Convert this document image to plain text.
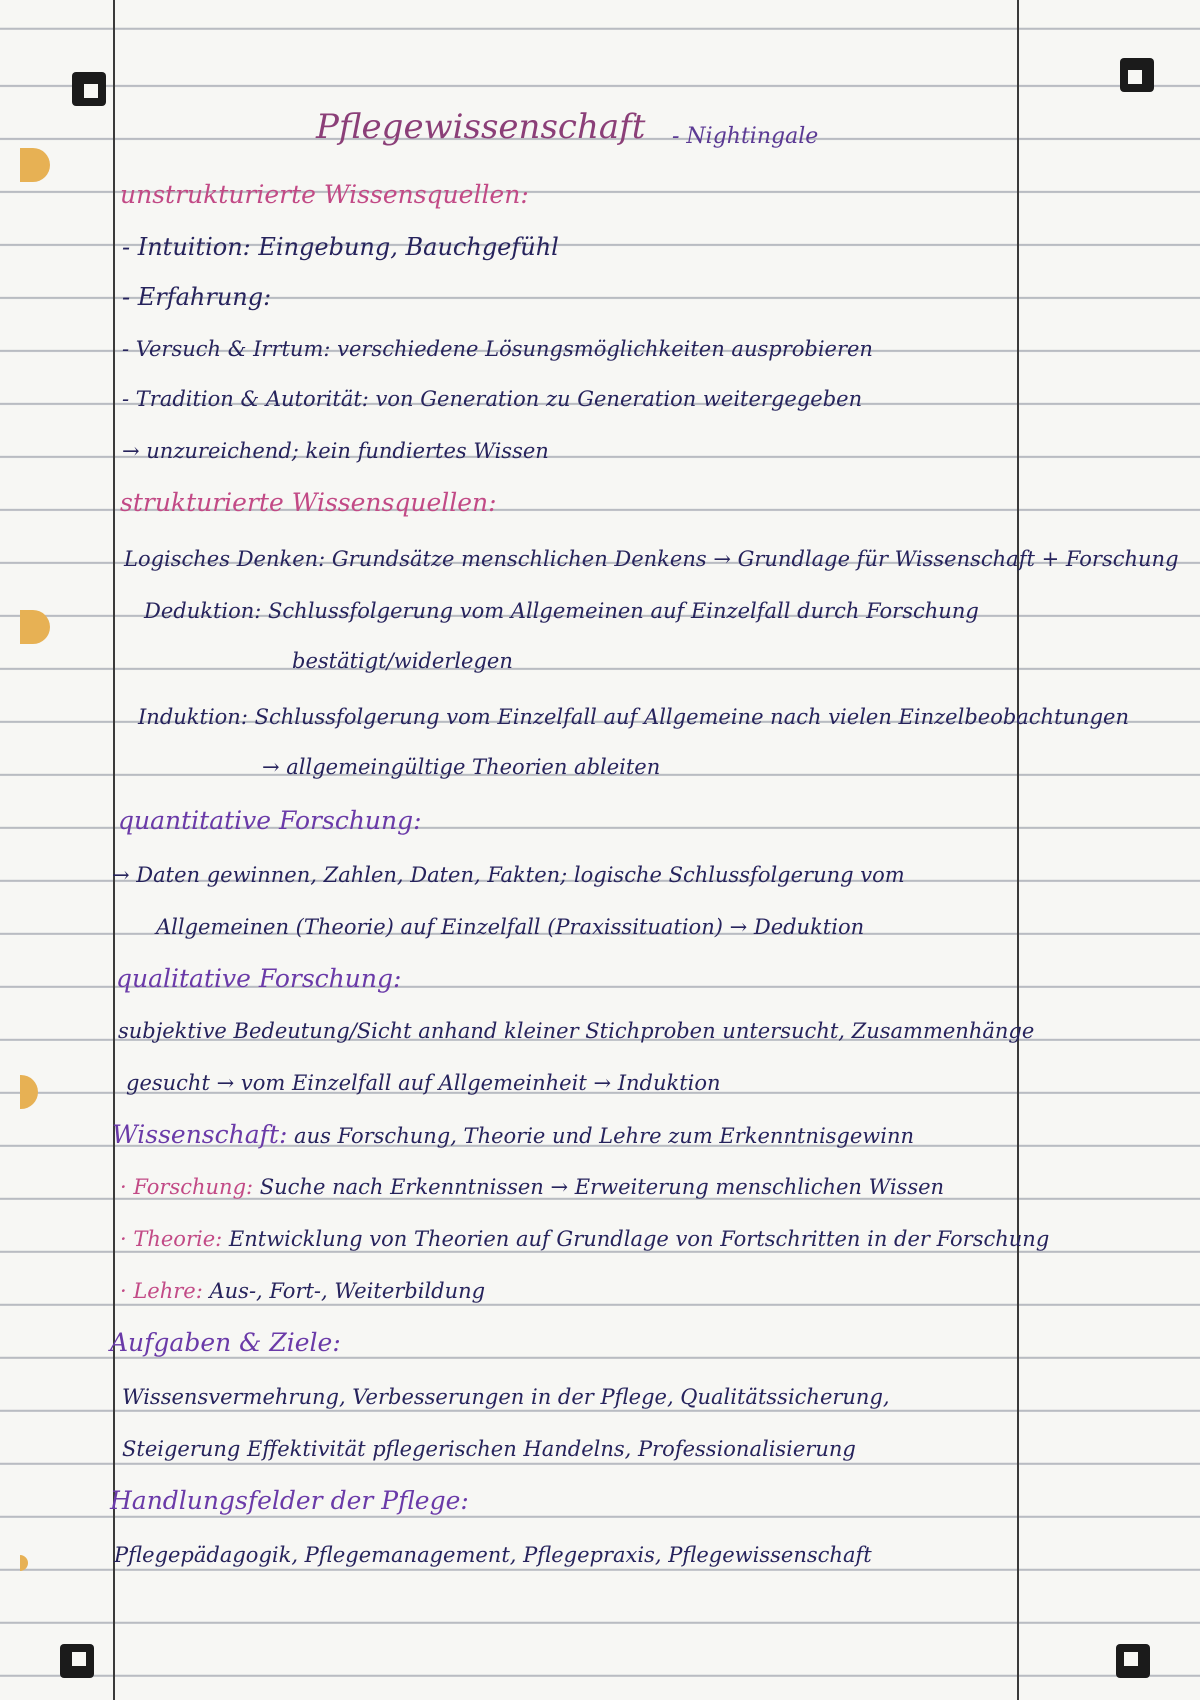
Pflegewissenschaft - Nightingale
unstrukturierte Wissensquellen:
- Intuition: Eingebung, Bauchgefühl
- Erfahrung:
- Versuch & Irrtum: verschiedene Lösungsmöglichkeiten ausprobieren
- Tradition & Autorität: von Generation zu Generation weitergegeben
→ unzureichend; kein fundiertes Wissen
strukturierte Wissensquellen:
Logisches Denken: Grundsätze menschlichen Denkens → Grundlage für Wissenschaft + Forschung
Deduktion: Schlussfolgerung vom Allgemeinen auf Einzelfall durch Forschung
bestätigt/widerlegen
Induktion: Schlussfolgerung vom Einzelfall auf Allgemeine nach vielen Einzelbeobachtungen
→ allgemeingültige Theorien ableiten
quantitative Forschung:
→ Daten gewinnen, Zahlen, Daten, Fakten; logische Schlussfolgerung vom
Allgemeinen (Theorie) auf Einzelfall (Praxissituation) → Deduktion
qualitative Forschung:
subjektive Bedeutung/Sicht anhand kleiner Stichproben untersucht, Zusammenhänge
gesucht → vom Einzelfall auf Allgemeinheit → Induktion
Wissenschaft: aus Forschung, Theorie und Lehre zum Erkenntnisgewinn
· Forschung: Suche nach Erkenntnissen → Erweiterung menschlichen Wissen
· Theorie: Entwicklung von Theorien auf Grundlage von Fortschritten in der Forschung
· Lehre: Aus-, Fort-, Weiterbildung
Aufgaben & Ziele:
Wissensvermehrung, Verbesserungen in der Pflege, Qualitätssicherung,
Steigerung Effektivität pflegerischen Handelns, Professionalisierung
Handlungsfelder der Pflege:
Pflegepädagogik, Pflegemanagement, Pflegepraxis, Pflegewissenschaft
